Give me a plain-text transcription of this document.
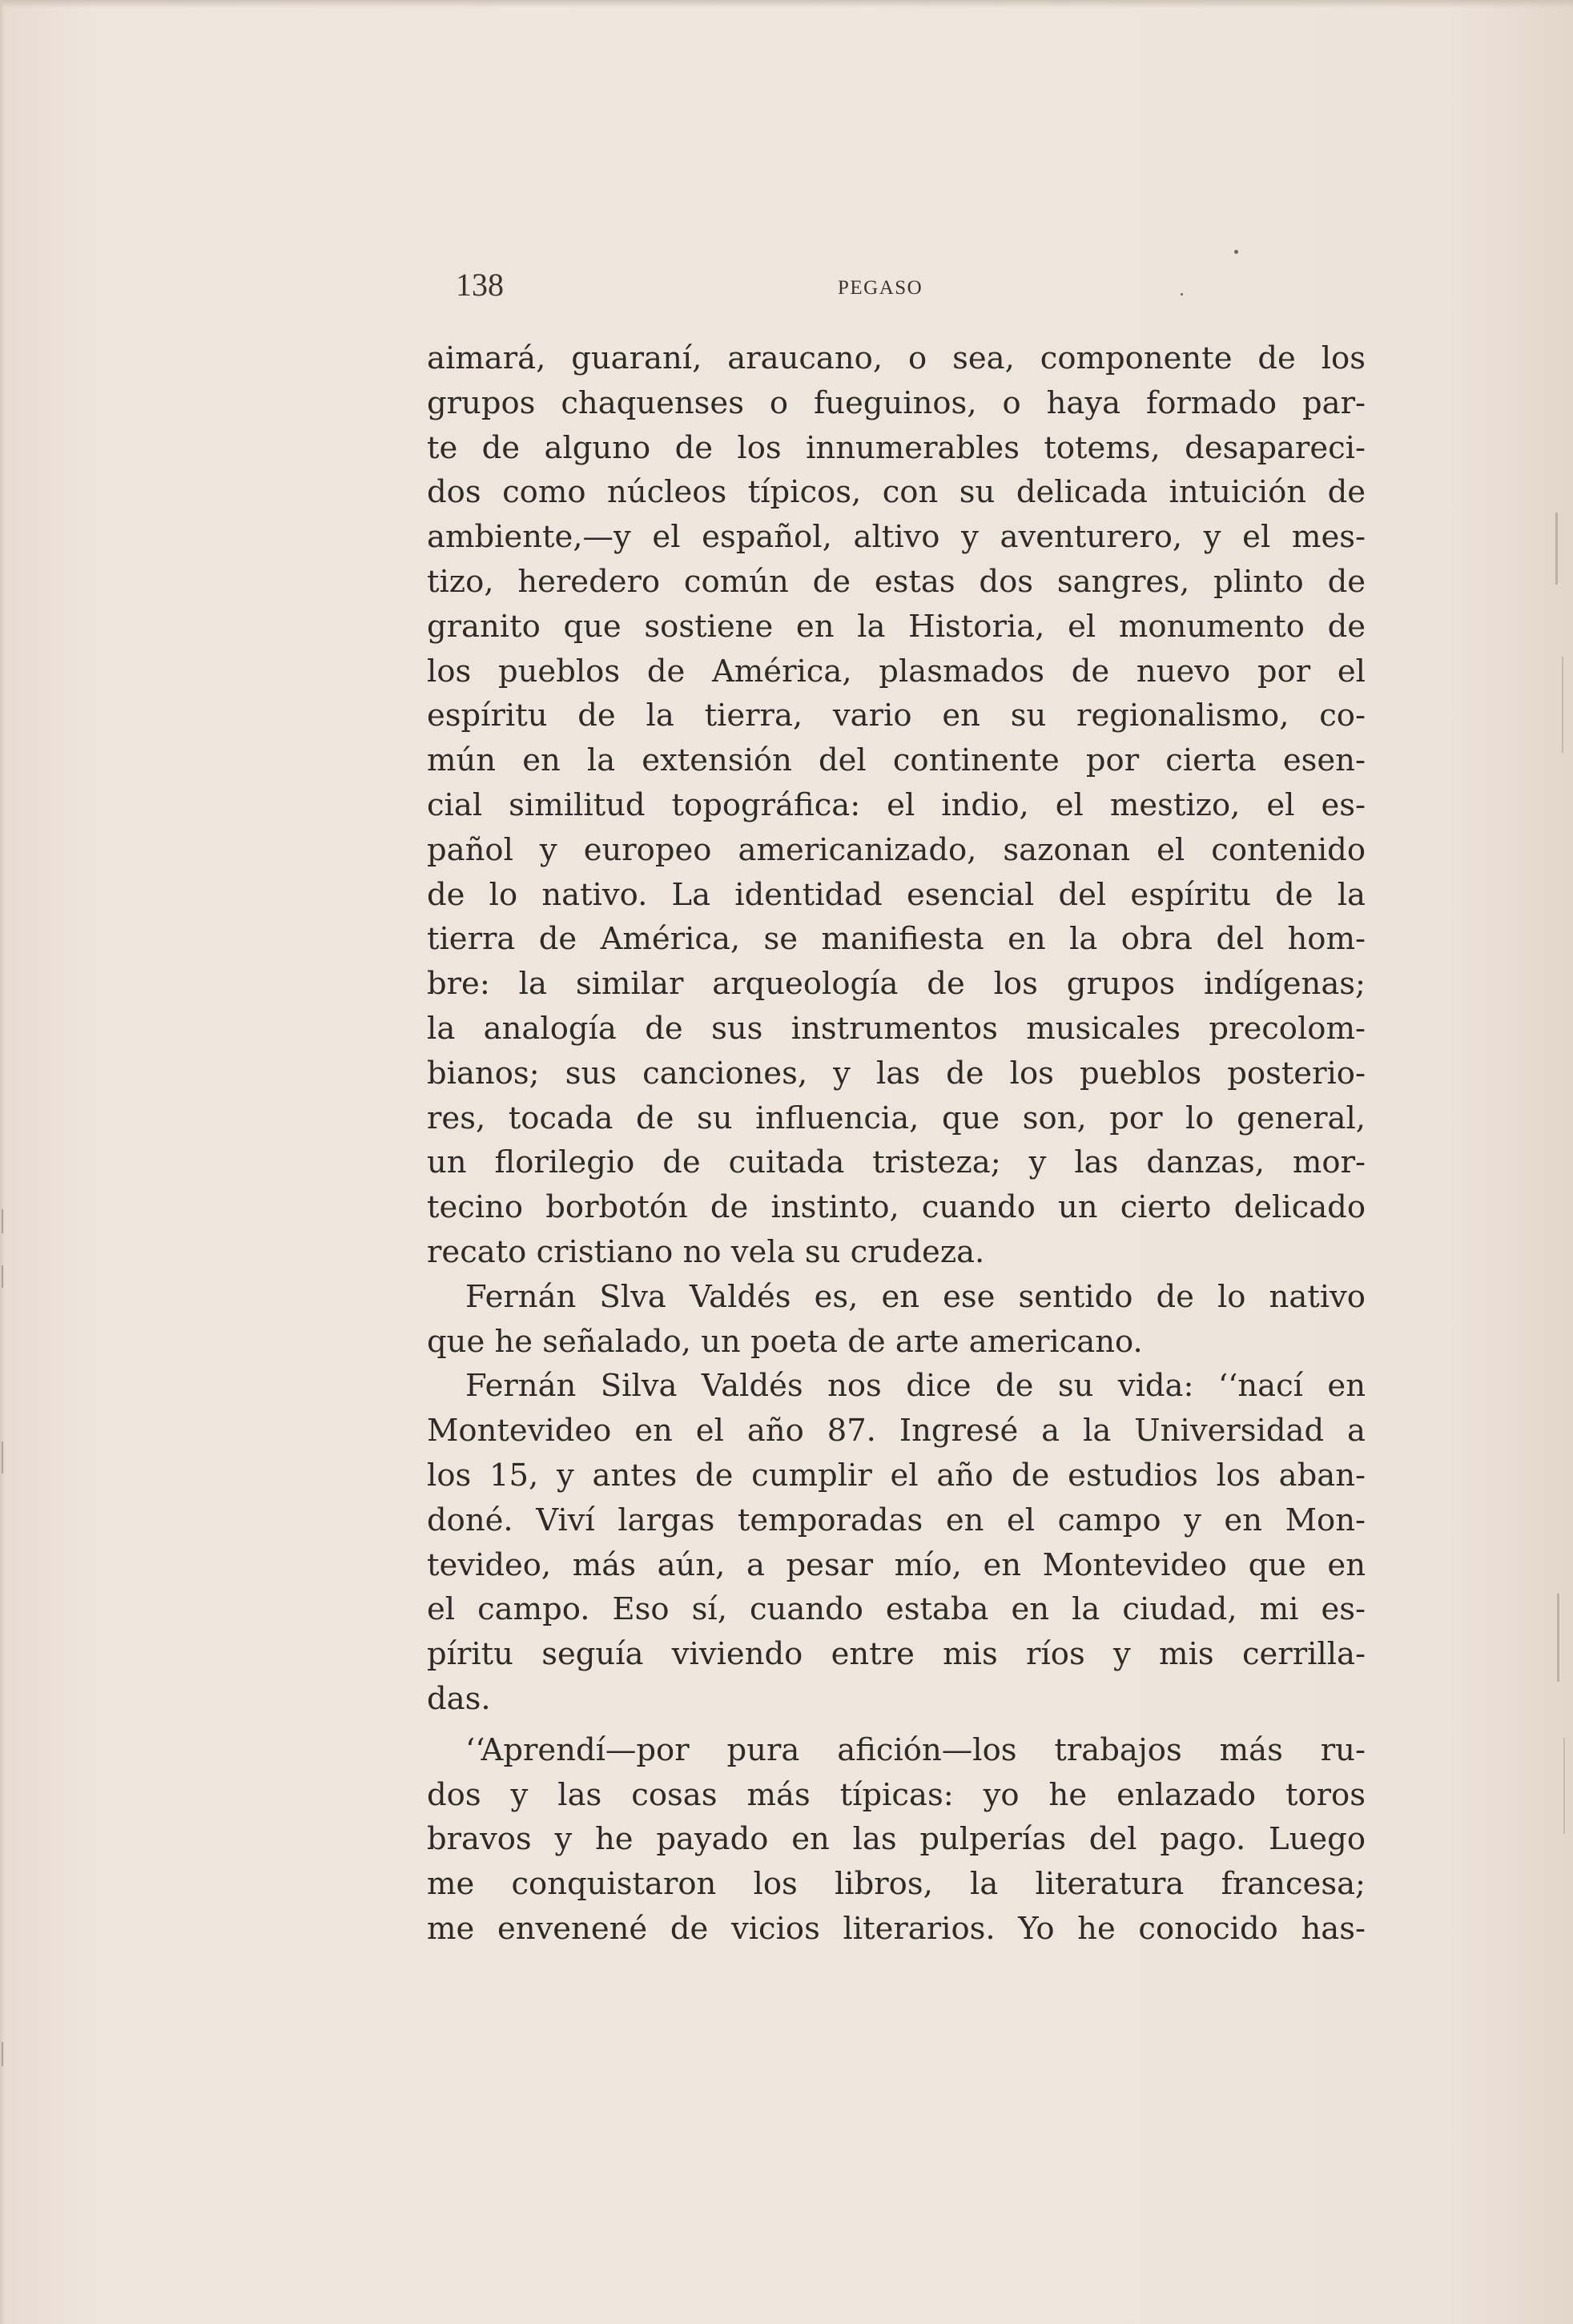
138	PEGASO
aimará, guaraní, araucano, o sea, componente de los
grupos chaquenses o fueguinos, o haya formado par-
te de alguno de los innumerables totems, desapareci-
dos como núcleos típicos, con su delicada intuición de
ambiente,—y el español, altivo y aventurero, y el mes-
tizo, heredero común de estas dos sangres, plinto de
granito que sostiene en la Historia, el monumento de
los pueblos de América, plasmados de nuevo por el
espíritu de la tierra, vario en su regionalismo, co-
mún en la extensión del continente por cierta esen-
cial similitud topográfica: el indio, el mestizo, el es-
pañol y europeo americanizado, sazonan el contenido
de lo nativo. La identidad esencial del espíritu de la
tierra de América, se manifiesta en la obra del hom-
bre: la similar arqueología de los grupos indígenas;
la analogía de sus instrumentos musicales precolom-
bianos; sus canciones, y las de los pueblos posterio-
res, tocada de su influencia, que son, por lo general,
un florilegio de cuitada tristeza; y las danzas, mor-
tecino borbotón de instinto, cuando un cierto delicado
recato cristiano no vela su crudeza.
Fernán Slva Valdés es, en ese sentido de lo nativo
que he señalado, un poeta de arte americano.
Fernán Silva Valdés nos dice de su vida: ‘‘nací en
Montevideo en el año 87. Ingresé a la Universidad a
los 15, y antes de cumplir el año de estudios los aban-
doné. Viví largas temporadas en el campo y en Mon-
tevideo, más aún, a pesar mío, en Montevideo que en
el campo. Eso sí, cuando estaba en la ciudad, mi es-
píritu seguía viviendo entre mis ríos y mis cerrilla-
das.
‘‘Aprendí—por pura afición—los trabajos más ru-
dos y las cosas más típicas: yo he enlazado toros
bravos y he payado en las pulperías del pago. Luego
me conquistaron los libros, la literatura francesa;
me envenené de vicios literarios. Yo he conocido has-
